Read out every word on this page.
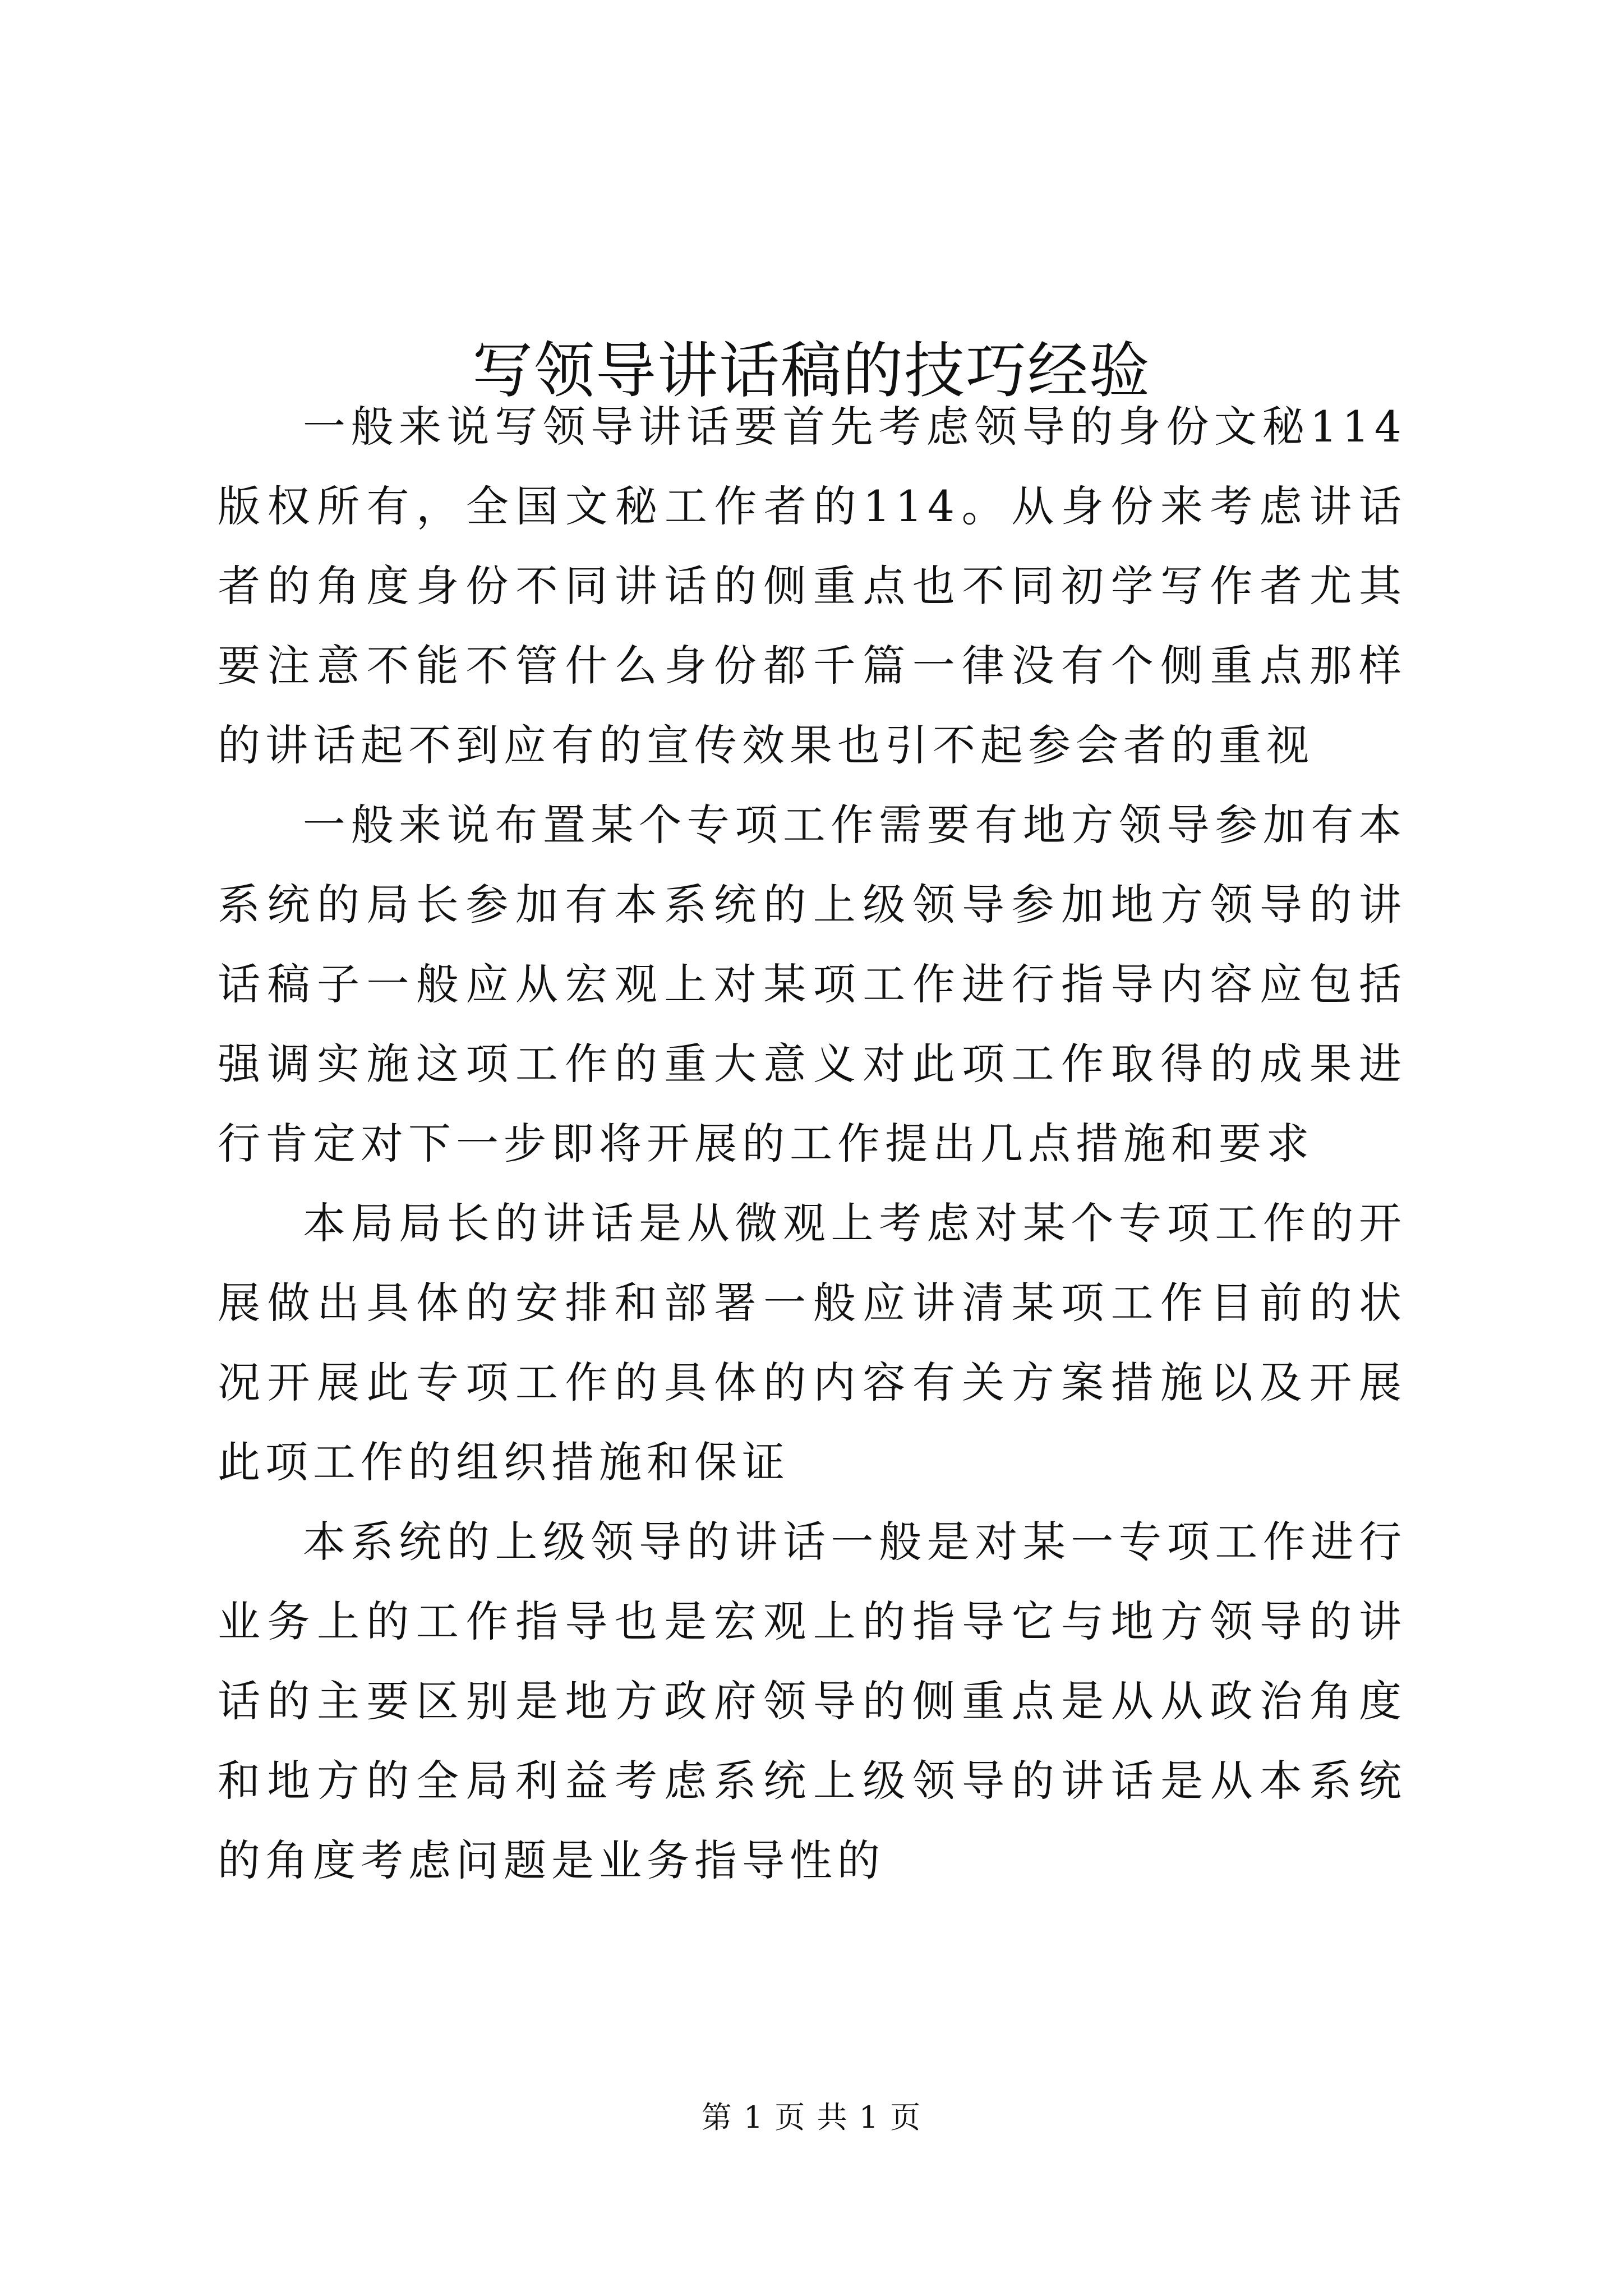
写领导讲话稿的技巧经验

一般来说写领导讲话要首先考虑领导的身份文秘114版权所有，全国文秘工作者的114。从身份来考虑讲话者的角度身份不同讲话的侧重点也不同初学写作者尤其要注意不能不管什么身份都千篇一律没有个侧重点那样的讲话起不到应有的宣传效果也引不起参会者的重视

一般来说布置某个专项工作需要有地方领导参加有本系统的局长参加有本系统的上级领导参加地方领导的讲话稿子一般应从宏观上对某项工作进行指导内容应包括强调实施这项工作的重大意义对此项工作取得的成果进行肯定对下一步即将开展的工作提出几点措施和要求

本局局长的讲话是从微观上考虑对某个专项工作的开展做出具体的安排和部署一般应讲清某项工作目前的状况开展此专项工作的具体的内容有关方案措施以及开展此项工作的组织措施和保证

本系统的上级领导的讲话一般是对某一专项工作进行业务上的工作指导也是宏观上的指导它与地方领导的讲话的主要区别是地方政府领导的侧重点是从从政治角度和地方的全局利益考虑系统上级领导的讲话是从本系统的角度考虑问题是业务指导性的

第 1 页 共 1 页
